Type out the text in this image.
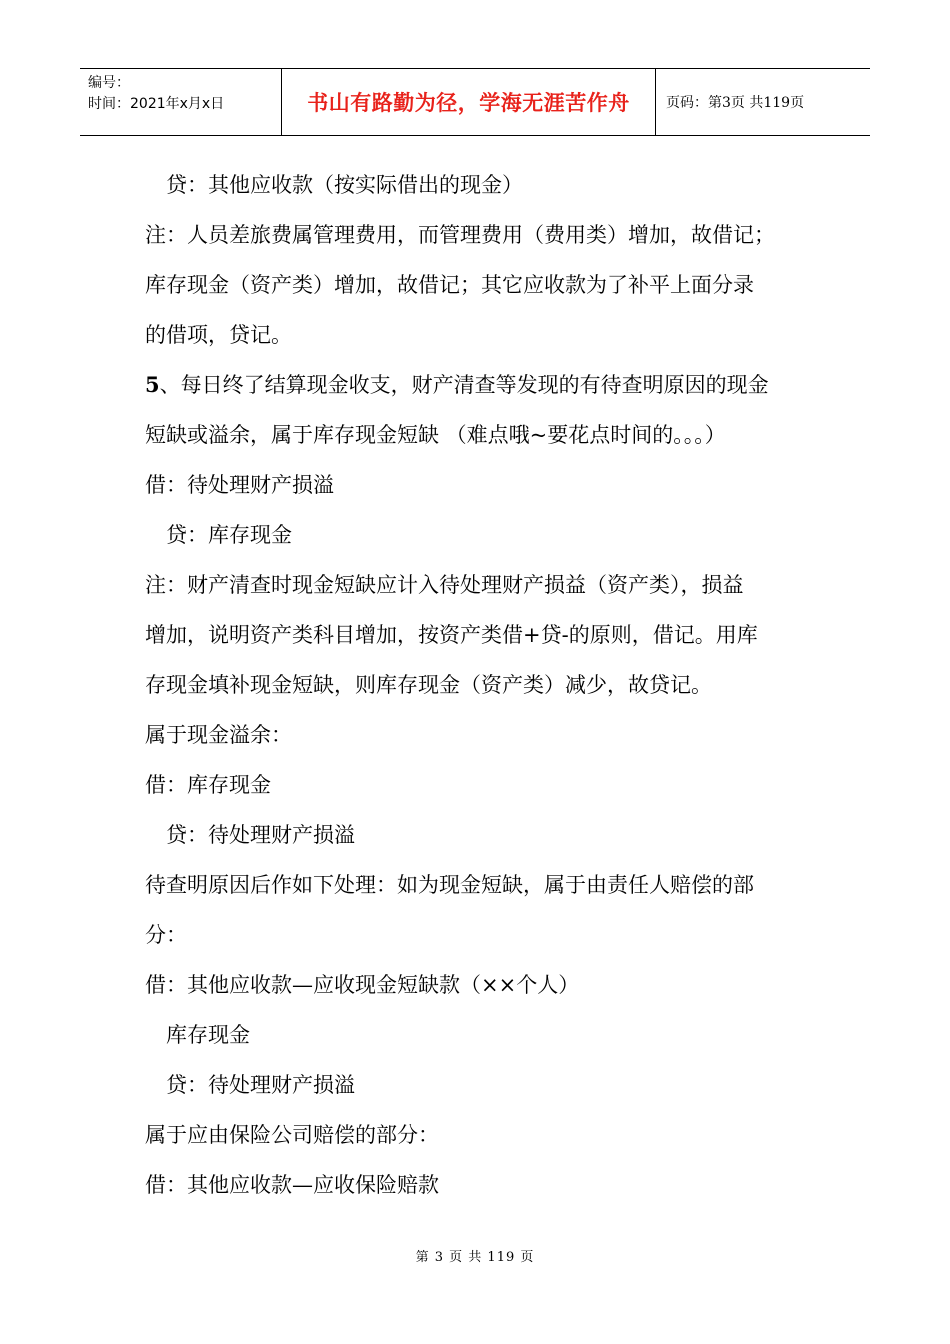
编号：
时间：2021年x月x日	书山有路勤为径，学海无涯苦作舟	页码：第3页 共119页
贷：其他应收款（按实际借出的现金）
注：人员差旅费属管理费用，而管理费用（费用类）增加，故借记；
库存现金（资产类）增加，故借记；其它应收款为了补平上面分录
的借项，贷记。
5、每日终了结算现金收支，财产清查等发现的有待查明原因的现金
短缺或溢余，属于库存现金短缺 （难点哦~要花点时间的。。。）
借：待处理财产损溢
贷：库存现金
注：财产清查时现金短缺应计入待处理财产损益（资产类），损益
增加，说明资产类科目增加，按资产类借+贷-的原则，借记。用库
存现金填补现金短缺，则库存现金（资产类）减少，故贷记。
属于现金溢余：
借：库存现金
贷：待处理财产损溢
待查明原因后作如下处理：如为现金短缺，属于由责任人赔偿的部
分：
借：其他应收款—应收现金短缺款（××个人）
库存现金
贷：待处理财产损溢
属于应由保险公司赔偿的部分：
借：其他应收款—应收保险赔款
第 3 页 共 119 页
